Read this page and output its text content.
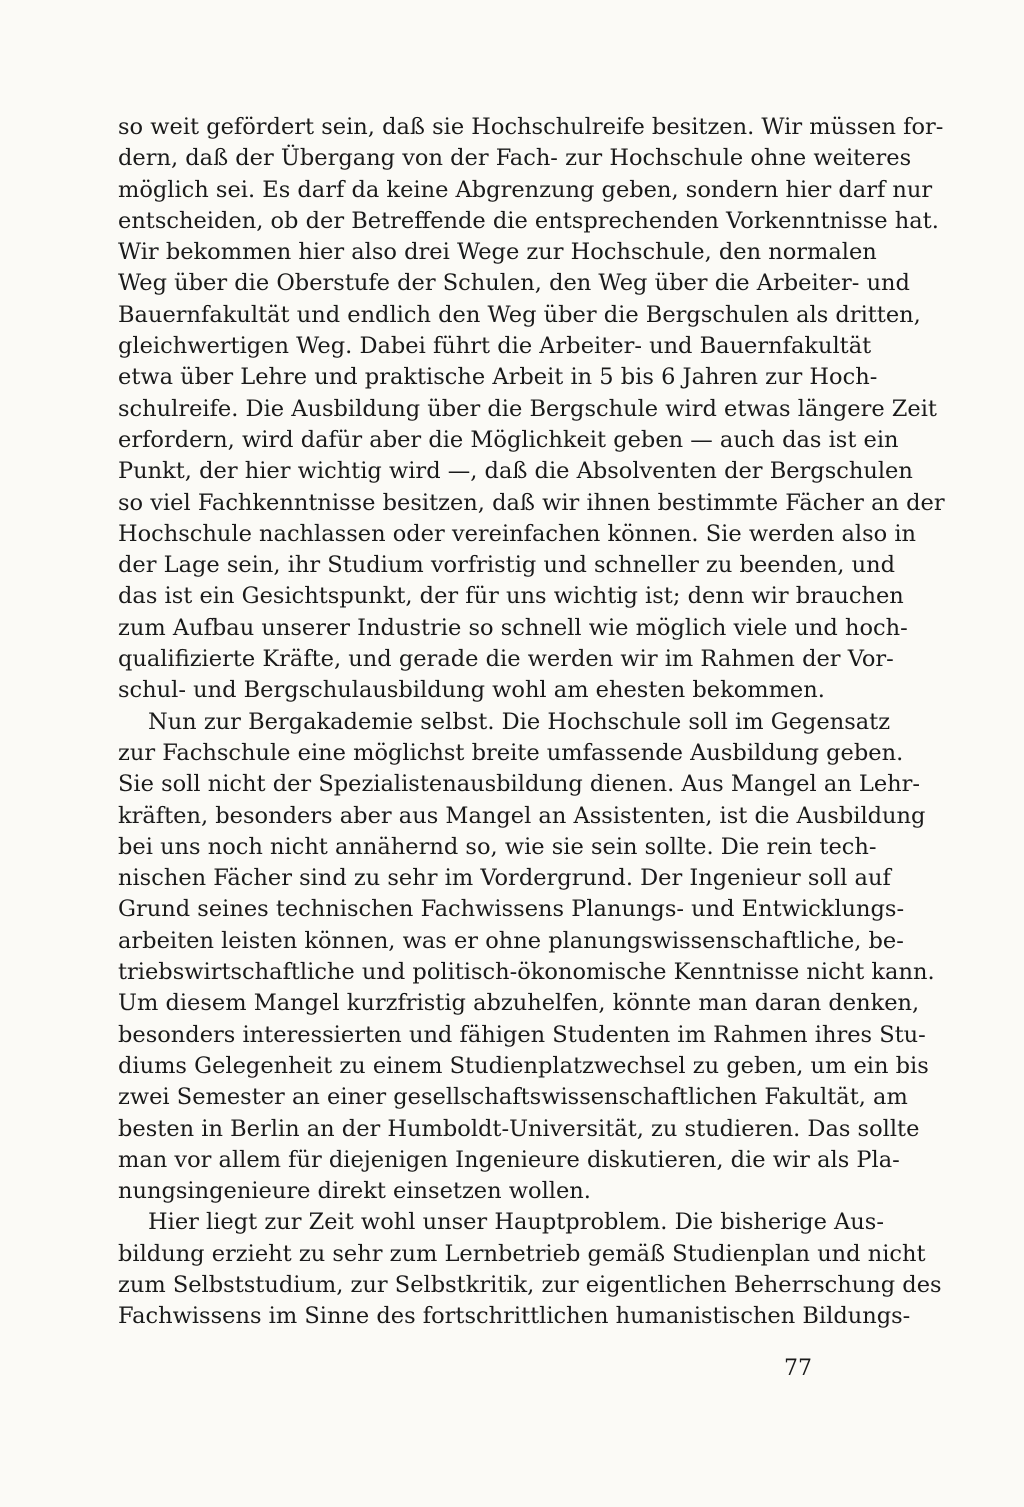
so weit gefördert sein, daß sie Hochschulreife besitzen. Wir müssen for-
dern, daß der Übergang von der Fach- zur Hochschule ohne weiteres
möglich sei. Es darf da keine Abgrenzung geben, sondern hier darf nur
entscheiden, ob der Betreffende die entsprechenden Vorkenntnisse hat.
Wir bekommen hier also drei Wege zur Hochschule, den normalen
Weg über die Oberstufe der Schulen, den Weg über die Arbeiter- und
Bauernfakultät und endlich den Weg über die Bergschulen als dritten,
gleichwertigen Weg. Dabei führt die Arbeiter- und Bauernfakultät
etwa über Lehre und praktische Arbeit in 5 bis 6 Jahren zur Hoch-
schulreife. Die Ausbildung über die Bergschule wird etwas längere Zeit
erfordern, wird dafür aber die Möglichkeit geben — auch das ist ein
Punkt, der hier wichtig wird —, daß die Absolventen der Bergschulen
so viel Fachkenntnisse besitzen, daß wir ihnen bestimmte Fächer an der
Hochschule nachlassen oder vereinfachen können. Sie werden also in
der Lage sein, ihr Studium vorfristig und schneller zu beenden, und
das ist ein Gesichtspunkt, der für uns wichtig ist; denn wir brauchen
zum Aufbau unserer Industrie so schnell wie möglich viele und hoch-
qualifizierte Kräfte, und gerade die werden wir im Rahmen der Vor-
schul- und Bergschulausbildung wohl am ehesten bekommen.
Nun zur Bergakademie selbst. Die Hochschule soll im Gegensatz
zur Fachschule eine möglichst breite umfassende Ausbildung geben.
Sie soll nicht der Spezialistenausbildung dienen. Aus Mangel an Lehr-
kräften, besonders aber aus Mangel an Assistenten, ist die Ausbildung
bei uns noch nicht annähernd so, wie sie sein sollte. Die rein tech-
nischen Fächer sind zu sehr im Vordergrund. Der Ingenieur soll auf
Grund seines technischen Fachwissens Planungs- und Entwicklungs-
arbeiten leisten können, was er ohne planungswissenschaftliche, be-
triebswirtschaftliche und politisch-ökonomische Kenntnisse nicht kann.
Um diesem Mangel kurzfristig abzuhelfen, könnte man daran denken,
besonders interessierten und fähigen Studenten im Rahmen ihres Stu-
diums Gelegenheit zu einem Studienplatzwechsel zu geben, um ein bis
zwei Semester an einer gesellschaftswissenschaftlichen Fakultät, am
besten in Berlin an der Humboldt-Universität, zu studieren. Das sollte
man vor allem für diejenigen Ingenieure diskutieren, die wir als Pla-
nungsingenieure direkt einsetzen wollen.
Hier liegt zur Zeit wohl unser Hauptproblem. Die bisherige Aus-
bildung erzieht zu sehr zum Lernbetrieb gemäß Studienplan und nicht
zum Selbststudium, zur Selbstkritik, zur eigentlichen Beherrschung des
Fachwissens im Sinne des fortschrittlichen humanistischen Bildungs-
77
